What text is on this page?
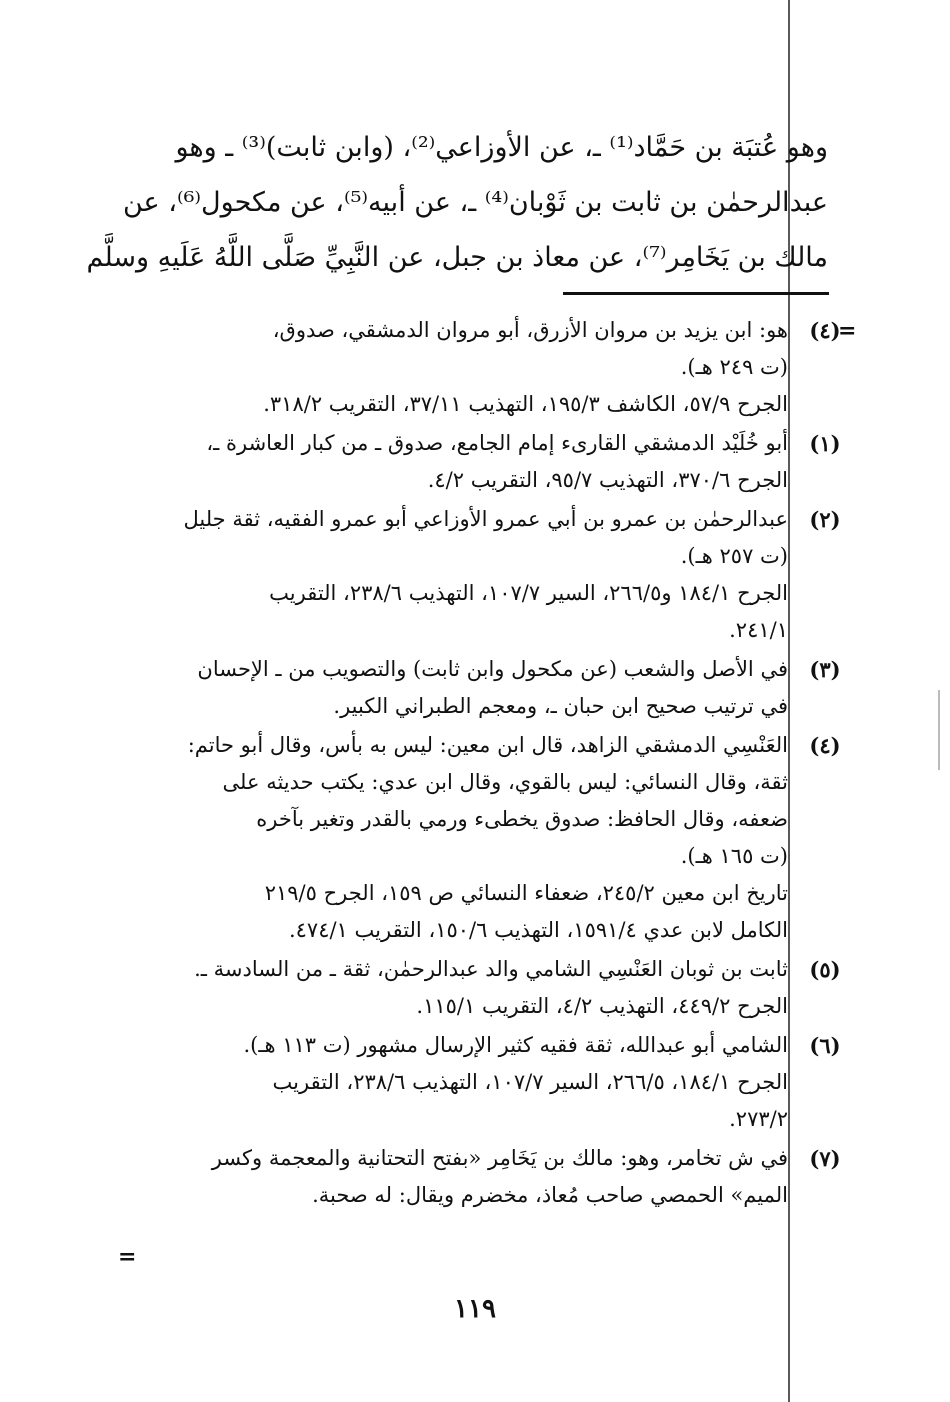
وهو عُتبَة بن حَمَّاد⁽¹⁾ ـ، عن الأوزاعي⁽²⁾، (وابن ثابت)⁽³⁾ ـ وهو
عبدالرحمٰن بن ثابت بن ثَوْبان⁽⁴⁾ ـ، عن أبيه⁽⁵⁾، عن مكحول⁽⁶⁾، عن
مالك بن يَخَامِر⁽⁷⁾، عن معاذ بن جبل، عن النَّبِيِّ صَلَّى اللَّهُ عَلَيهِ وسلَّم
=
(٤)
هو: ابن يزيد بن مروان الأزرق، أبو مروان الدمشقي، صدوق،
(ت ٢٤٩ هـ).
الجرح ٥٧/٩، الكاشف ١٩٥/٣، التهذيب ٣٧/١١، التقريب ٣١٨/٢.
(١)
أبو خُلَيْد الدمشقي القارىء إمام الجامع، صدوق ـ من كبار العاشرة ـ،
الجرح ٣٧٠/٦، التهذيب ٩٥/٧، التقريب ٤/٢.
(٢)
عبدالرحمٰن بن عمرو بن أبي عمرو الأوزاعي أبو عمرو الفقيه، ثقة جليل
(ت ٢٥٧ هـ).
الجرح ١٨٤/١ و٢٦٦/٥، السير ١٠٧/٧، التهذيب ٢٣٨/٦، التقريب
٢٤١/١.
(٣)
في الأصل والشعب (عن مكحول وابن ثابت) والتصويب من ـ الإحسان
في ترتيب صحيح ابن حبان ـ، ومعجم الطبراني الكبير.
(٤)
العَنْسِي الدمشقي الزاهد، قال ابن معين: ليس به بأس، وقال أبو حاتم:
ثقة، وقال النسائي: ليس بالقوي، وقال ابن عدي: يكتب حديثه على
ضعفه، وقال الحافظ: صدوق يخطىء ورمي بالقدر وتغير بآخره
(ت ١٦٥ هـ).
تاريخ ابن معين ٢٤٥/٢، ضعفاء النسائي ص ١٥٩، الجرح ٢١٩/٥
الكامل لابن عدي ١٥٩١/٤، التهذيب ١٥٠/٦، التقريب ٤٧٤/١.
(٥)
ثابت بن ثوبان العَنْسِي الشامي والد عبدالرحمٰن، ثقة ـ من السادسة ـ.
الجرح ٤٤٩/٢، التهذيب ٤/٢، التقريب ١١٥/١.
(٦)
الشامي أبو عبدالله، ثقة فقيه كثير الإرسال مشهور (ت ١١٣ هـ).
الجرح ١٨٤/١، ٢٦٦/٥، السير ١٠٧/٧، التهذيب ٢٣٨/٦، التقريب
٢٧٣/٢.
(٧)
في ش تخامر، وهو: مالك بن يَخَامِر «بفتح التحتانية والمعجمة وكسر
الميم» الحمصي صاحب مُعاذ، مخضرم ويقال: له صحبة.
=
١١٩
